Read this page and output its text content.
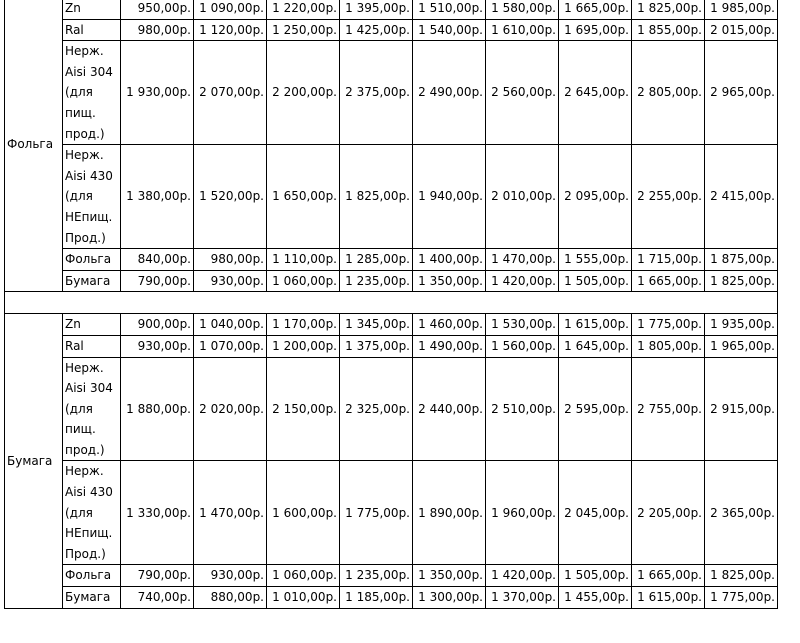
Фольга										
	Zn	950,00р.	1 090,00р.	1 220,00р.	1 395,00р.	1 510,00р.	1 580,00р.	1 665,00р.	1 825,00р.	1 985,00р.
	Ral	980,00р.	1 120,00р.	1 250,00р.	1 425,00р.	1 540,00р.	1 610,00р.	1 695,00р.	1 855,00р.	2 015,00р.
	Нерж. Aisi 304 (для пищ. прод.)	1 930,00р.	2 070,00р.	2 200,00р.	2 375,00р.	2 490,00р.	2 560,00р.	2 645,00р.	2 805,00р.	2 965,00р.
	Нерж. Aisi 430 (для НЕпищ. Прод.)	1 380,00р.	1 520,00р.	1 650,00р.	1 825,00р.	1 940,00р.	2 010,00р.	2 095,00р.	2 255,00р.	2 415,00р.
	Фольга	840,00р.	980,00р.	1 110,00р.	1 285,00р.	1 400,00р.	1 470,00р.	1 555,00р.	1 715,00р.	1 875,00р.
	Бумага	790,00р.	930,00р.	1 060,00р.	1 235,00р.	1 350,00р.	1 420,00р.	1 505,00р.	1 665,00р.	1 825,00р.

Бумага	Zn	900,00р.	1 040,00р.	1 170,00р.	1 345,00р.	1 460,00р.	1 530,00р.	1 615,00р.	1 775,00р.	1 935,00р.
	Ral	930,00р.	1 070,00р.	1 200,00р.	1 375,00р.	1 490,00р.	1 560,00р.	1 645,00р.	1 805,00р.	1 965,00р.
	Нерж. Aisi 304 (для пищ. прод.)	1 880,00р.	2 020,00р.	2 150,00р.	2 325,00р.	2 440,00р.	2 510,00р.	2 595,00р.	2 755,00р.	2 915,00р.
	Нерж. Aisi 430 (для НЕпищ. Прод.)	1 330,00р.	1 470,00р.	1 600,00р.	1 775,00р.	1 890,00р.	1 960,00р.	2 045,00р.	2 205,00р.	2 365,00р.
	Фольга	790,00р.	930,00р.	1 060,00р.	1 235,00р.	1 350,00р.	1 420,00р.	1 505,00р.	1 665,00р.	1 825,00р.
	Бумага	740,00р.	880,00р.	1 010,00р.	1 185,00р.	1 300,00р.	1 370,00р.	1 455,00р.	1 615,00р.	1 775,00р.
